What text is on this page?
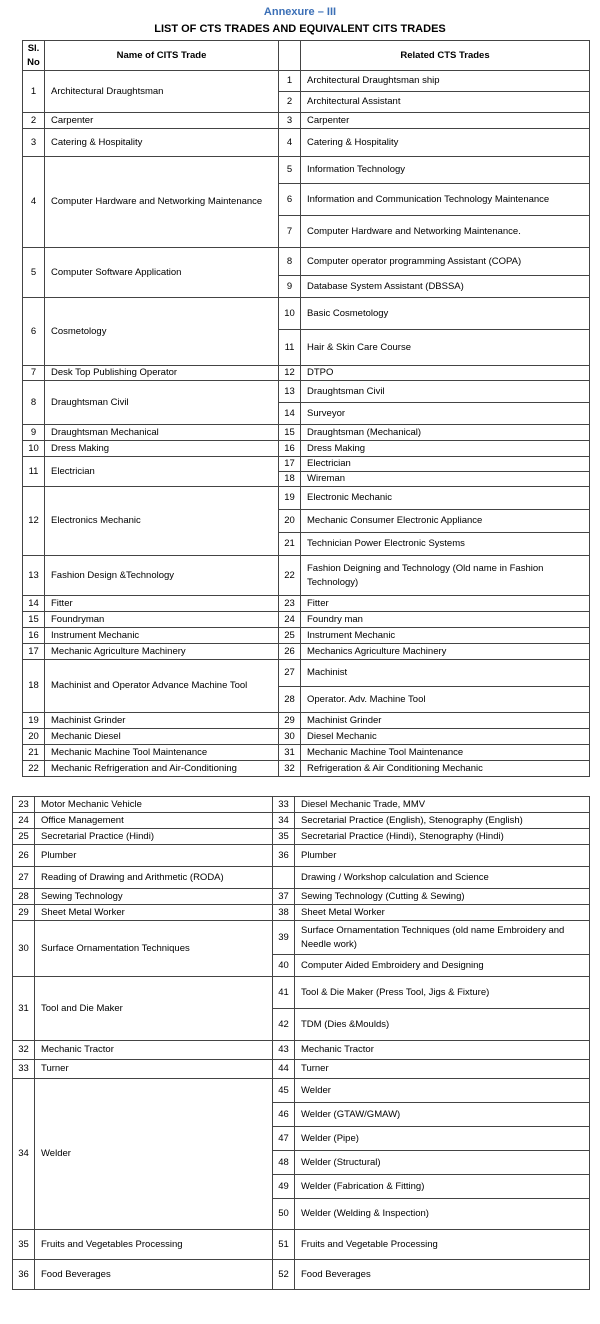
Annexure – III
LIST OF CTS TRADES AND EQUIVALENT CITS TRADES
Sl. No	Name of CITS Trade		Related CTS Trades
1	Architectural Draughtsman	1	Architectural Draughtsman ship
		2	Architectural Assistant
2	Carpenter	3	Carpenter
3	Catering & Hospitality	4	Catering & Hospitality
4	Computer Hardware and Networking Maintenance	5	Information Technology
		6	Information and Communication Technology Maintenance
		7	Computer Hardware and Networking Maintenance.
5	Computer Software Application	8	Computer operator programming Assistant (COPA)
		9	Database System Assistant (DBSSA)
6	Cosmetology	10	Basic Cosmetology
		11	Hair & Skin Care Course
7	Desk Top Publishing Operator	12	DTPO
8	Draughtsman Civil	13	Draughtsman Civil
		14	Surveyor
9	Draughtsman Mechanical	15	Draughtsman (Mechanical)
10	Dress Making	16	Dress Making
11	Electrician	17	Electrician
		18	Wireman
12	Electronics Mechanic	19	Electronic Mechanic
		20	Mechanic Consumer Electronic Appliance
		21	Technician Power Electronic Systems
13	Fashion Design &Technology	22	Fashion Deigning and Technology (Old name in Fashion Technology)
14	Fitter	23	Fitter
15	Foundryman	24	Foundry man
16	Instrument Mechanic	25	Instrument Mechanic
17	Mechanic Agriculture Machinery	26	Mechanics Agriculture Machinery
18	Machinist and Operator Advance Machine Tool	27	Machinist
		28	Operator. Adv. Machine Tool
19	Machinist Grinder	29	Machinist Grinder
20	Mechanic Diesel	30	Diesel Mechanic
21	Mechanic Machine Tool Maintenance	31	Mechanic Machine Tool Maintenance
22	Mechanic Refrigeration and Air-Conditioning	32	Refrigeration & Air Conditioning Mechanic
23	Motor Mechanic Vehicle	33	Diesel Mechanic Trade, MMV
24	Office Management	34	Secretarial Practice (English), Stenography (English)
25	Secretarial Practice (Hindi)	35	Secretarial Practice (Hindi), Stenography (Hindi)
26	Plumber	36	Plumber
27	Reading of Drawing and Arithmetic (RODA)		Drawing / Workshop calculation and Science
28	Sewing Technology	37	Sewing Technology (Cutting & Sewing)
29	Sheet Metal Worker	38	Sheet Metal Worker
30	Surface Ornamentation Techniques	39	Surface Ornamentation Techniques (old name Embroidery and Needle work)
		40	Computer Aided Embroidery and Designing
31	Tool and Die Maker	41	Tool & Die Maker (Press Tool, Jigs & Fixture)
		42	TDM (Dies &Moulds)
32	Mechanic Tractor	43	Mechanic Tractor
33	Turner	44	Turner
34	Welder	45	Welder
		46	Welder (GTAW/GMAW)
		47	Welder (Pipe)
		48	Welder (Structural)
		49	Welder (Fabrication & Fitting)
		50	Welder (Welding & Inspection)
35	Fruits and Vegetables Processing	51	Fruits and Vegetable Processing
36	Food Beverages	52	Food Beverages
